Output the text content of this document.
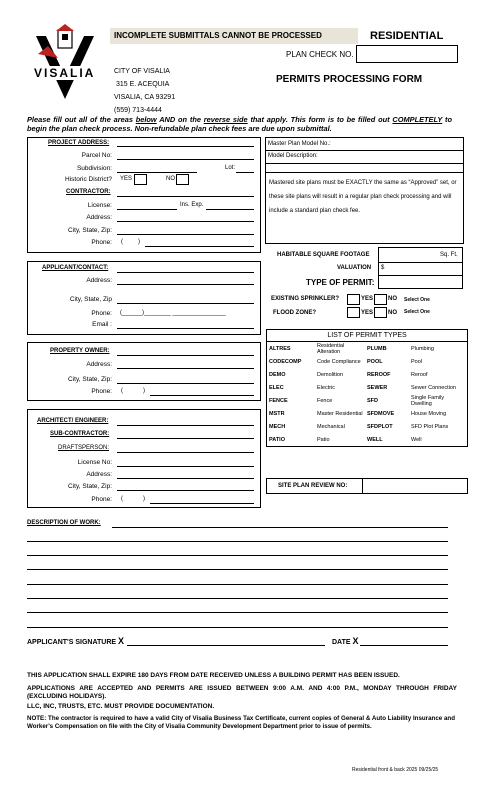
VISALIA
INCOMPLETE SUBMITTALS CANNOT BE PROCESSED	RESIDENTIAL
PLAN CHECK NO.
CITY OF VISALIA
315 E. ACEQUIA
VISALIA, CA 93291
(559) 713-4444
PERMITS PROCESSING FORM
Please fill out all of the areas below AND on the reverse side that apply. This form is to be filled out COMPLETELY to begin the plan check process. Non-refundable plan check fees are due upon submittal.
PROJECT ADDRESS:
Parcel No:
Subdivision:	Lot:
Historic District? YES	NO
CONTRACTOR:
License:	Ins. Exp.
Address:
City, State, Zip:
Phone: (	)
APPLICANT/CONTACT:
Address:
City, State, Zip
Phone: (______)________ ________________
Email :
PROPERTY OWNER:
Address:
City, State, Zip:
Phone: (	)
ARCHITECT/ ENGINEER:
SUB-CONTRACTOR:
DRAFTSPERSON:
License No:
Address:
City, State, Zip:
Phone: (	)
Master Plan Model No.:
Model Description:
Mastered site plans must be EXACTLY the same as “Approved” set, or these site plans will result in a regular plan check processing and will include a standard plan check fee.
HABITABLE SQUARE FOOTAGE	Sq. Ft.
VALUATION $
TYPE OF PERMIT:
EXISTING SPRINKLER?	YES NO Select One
FLOOD ZONE?	YES NO Select One
LIST OF PERMIT TYPES
ALTRES	Residential Alteration	PLUMB	Plumbing
CODECOMP	Code Compliance	POOL	Pool
DEMO	Demolition	REROOF	Reroof
ELEC	Electric	SEWER	Sewer Connection
FENCE	Fence	SFD	Single Family Dwelling
MSTR	Master Residential SFDMOVE	House Moving
MECH	Mechanical	SFDPLOT	SFD Plot Plans
PATIO	Patio	WELL	Well
SITE PLAN REVIEW NO:
DESCRIPTION OF WORK:
APPLICANT'S SIGNATURE X	DATE X
THIS APPLICATION SHALL EXPIRE 180 DAYS FROM DATE RECEIVED UNLESS A BUILDING PERMIT HAS BEEN ISSUED.
APPLICATIONS ARE ACCEPTED AND PERMITS ARE ISSUED BETWEEN 9:00 A.M. AND 4:00 P.M., MONDAY THROUGH FRIDAY (EXCLUDING HOLIDAYS).
LLC, INC, TRUSTS, ETC. MUST PROVIDE DOCUMENTATION.
NOTE: The contractor is required to have a valid City of Visalia Business Tax Certificate, current copies of General & Auto Liability Insurance and Worker's Compensation on file with the City of Visalia Community Development Department prior to issue of permits.
Residential front & back 2025 09/25/25
